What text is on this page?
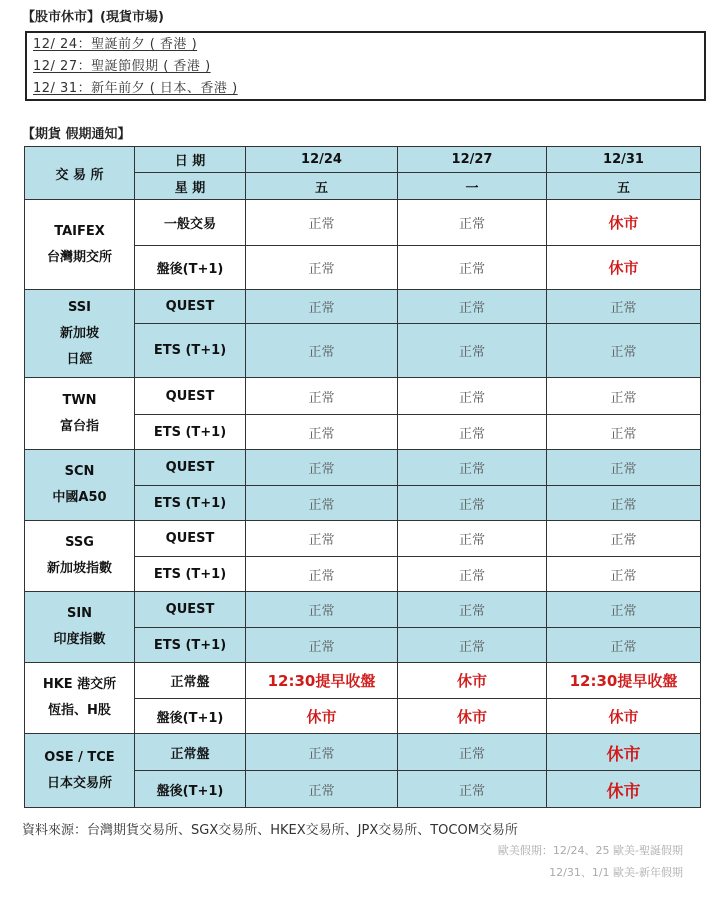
【股市休市】(現貨市場)
12/ 24：聖誕前夕 ( 香港 )
12/ 27：聖誕節假期 ( 香港 )
12/ 31：新年前夕 ( 日本、香港 )
【期貨 假期通知】
交 易 所	日 期	12/24	12/27	12/31
	星 期	五	一	五

TAIFEX
台灣期交所	一般交易	正常	正常	休市
	盤後(T+1)	正常	正常	休市

SSI
新加坡
日經	QUEST	正常	正常	正常
	ETS (T+1)	正常	正常	正常

TWN
富台指	QUEST	正常	正常	正常
	ETS (T+1)	正常	正常	正常

SCN
中國A50	QUEST	正常	正常	正常
	ETS (T+1)	正常	正常	正常

SSG
新加坡指數	QUEST	正常	正常	正常
	ETS (T+1)	正常	正常	正常

SIN
印度指數	QUEST	正常	正常	正常
	ETS (T+1)	正常	正常	正常

HKE 港交所
恆指、H股	正常盤	12:30提早收盤	休市	12:30提早收盤
	盤後(T+1)	休市	休市	休市

OSE / TCE
日本交易所	正常盤	正常	正常	休市
	盤後(T+1)	正常	正常	休市
資料來源：台灣期貨交易所、SGX交易所、HKEX交易所、JPX交易所、TOCOM交易所
歐美假期：12/24、25 歐美-聖誕假期
12/31、1/1 歐美-新年假期
